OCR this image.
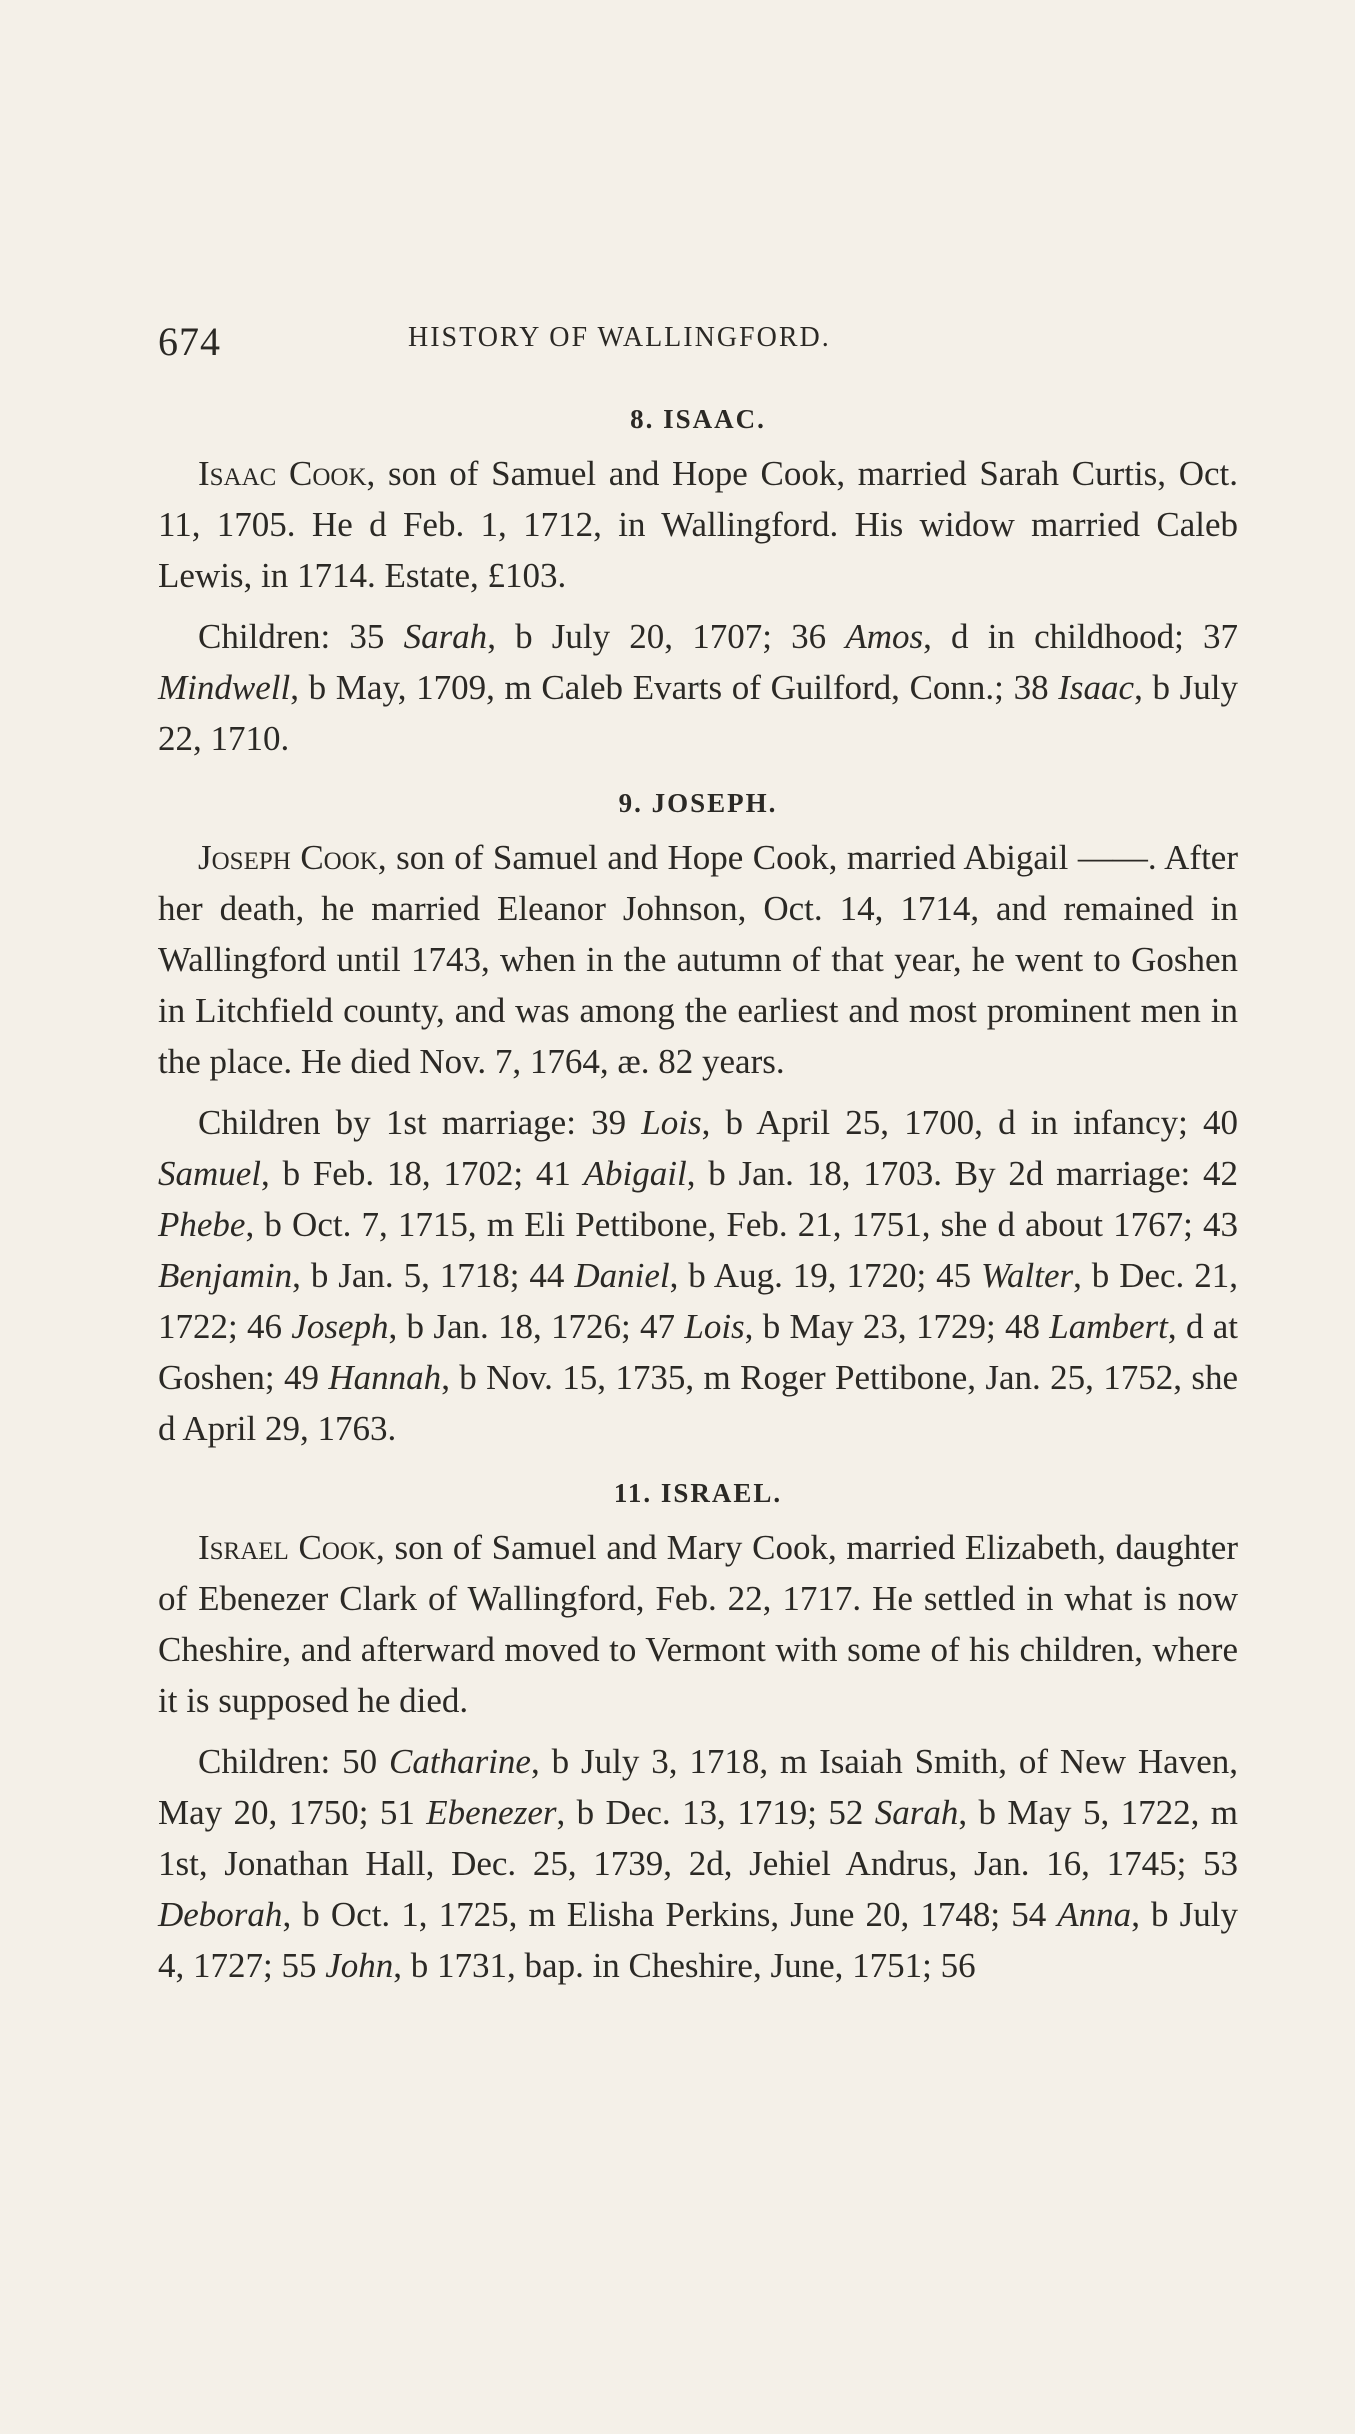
674	HISTORY OF WALLINGFORD.
8. ISAAC.

Isaac Cook, son of Samuel and Hope Cook, married Sarah Curtis, Oct. 11, 1705. He d Feb. 1, 1712, in Wallingford. His widow married Caleb Lewis, in 1714. Estate, £103.

Children: 35 Sarah, b July 20, 1707; 36 Amos, d in childhood; 37 Mindwell, b May, 1709, m Caleb Evarts of Guilford, Conn.; 38 Isaac, b July 22, 1710.

9. JOSEPH.

Joseph Cook, son of Samuel and Hope Cook, married Abigail ——. After her death, he married Eleanor Johnson, Oct. 14, 1714, and remained in Wallingford until 1743, when in the autumn of that year, he went to Goshen in Litchfield county, and was among the earliest and most prominent men in the place. He died Nov. 7, 1764, æ. 82 years.

Children by 1st marriage: 39 Lois, b April 25, 1700, d in infancy; 40 Samuel, b Feb. 18, 1702; 41 Abigail, b Jan. 18, 1703. By 2d marriage: 42 Phebe, b Oct. 7, 1715, m Eli Pettibone, Feb. 21, 1751, she d about 1767; 43 Benjamin, b Jan. 5, 1718; 44 Daniel, b Aug. 19, 1720; 45 Walter, b Dec. 21, 1722; 46 Joseph, b Jan. 18, 1726; 47 Lois, b May 23, 1729; 48 Lambert, d at Goshen; 49 Hannah, b Nov. 15, 1735, m Roger Pettibone, Jan. 25, 1752, she d April 29, 1763.

11. ISRAEL.

Israel Cook, son of Samuel and Mary Cook, married Elizabeth, daughter of Ebenezer Clark of Wallingford, Feb. 22, 1717. He settled in what is now Cheshire, and afterward moved to Vermont with some of his children, where it is supposed he died.

Children: 50 Catharine, b July 3, 1718, m Isaiah Smith, of New Haven, May 20, 1750; 51 Ebenezer, b Dec. 13, 1719; 52 Sarah, b May 5, 1722, m 1st, Jonathan Hall, Dec. 25, 1739, 2d, Jehiel Andrus, Jan. 16, 1745; 53 Deborah, b Oct. 1, 1725, m Elisha Perkins, June 20, 1748; 54 Anna, b July 4, 1727; 55 John, b 1731, bap. in Cheshire, June, 1751; 56
